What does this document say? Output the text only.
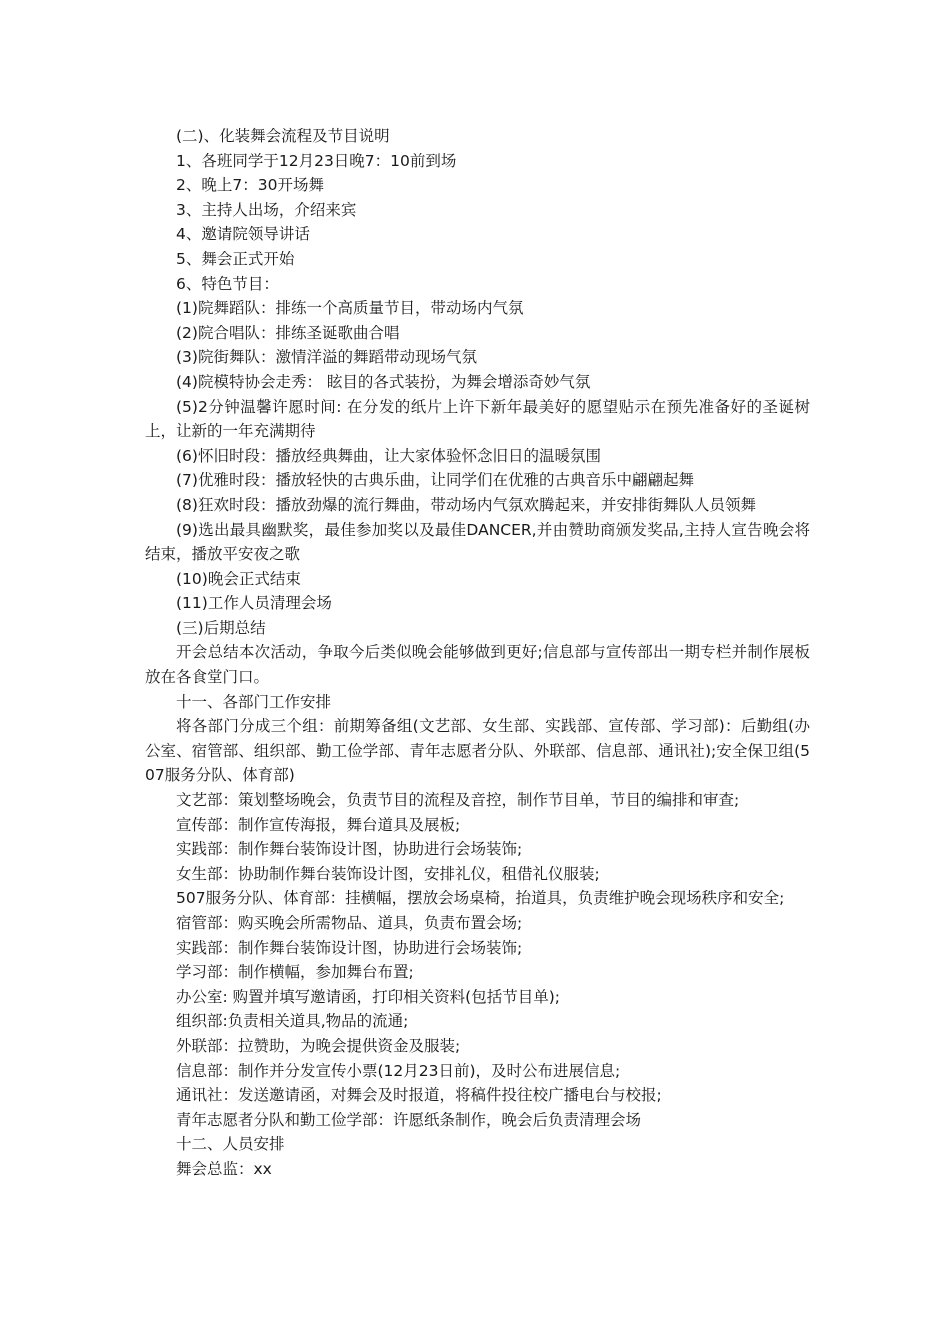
(二)、化装舞会流程及节目说明

1、各班同学于12月23日晚7：10前到场

2、晚上7：30开场舞

3、主持人出场，介绍来宾

4、邀请院领导讲话

5、舞会正式开始

6、特色节目：

(1)院舞蹈队：排练一个高质量节目，带动场内气氛

(2)院合唱队：排练圣诞歌曲合唱

(3)院街舞队：激情洋溢的舞蹈带动现场气氛

(4)院模特协会走秀： 眩目的各式装扮，为舞会增添奇妙气氛

(5)2分钟温馨许愿时间: 在分发的纸片上许下新年最美好的愿望贴示在预先准备好的圣诞树上，让新的一年充满期待

(6)怀旧时段：播放经典舞曲，让大家体验怀念旧日的温暖氛围

(7)优雅时段：播放轻快的古典乐曲，让同学们在优雅的古典音乐中翩翩起舞

(8)狂欢时段：播放劲爆的流行舞曲，带动场内气氛欢腾起来，并安排街舞队人员领舞

(9)选出最具幽默奖，最佳参加奖以及最佳DANCER,并由赞助商颁发奖品,主持人宣告晚会将结束，播放平安夜之歌

(10)晚会正式结束

(11)工作人员清理会场

(三)后期总结

开会总结本次活动，争取今后类似晚会能够做到更好;信息部与宣传部出一期专栏并制作展板放在各食堂门口。

十一、各部门工作安排

将各部门分成三个组：前期筹备组(文艺部、女生部、实践部、宣传部、学习部)：后勤组(办公室、宿管部、组织部、勤工俭学部、青年志愿者分队、外联部、信息部、通讯社);安全保卫组(507服务分队、体育部)

文艺部：策划整场晚会，负责节目的流程及音控，制作节目单，节目的编排和审查;

宣传部：制作宣传海报，舞台道具及展板;

实践部：制作舞台装饰设计图，协助进行会场装饰;

女生部：协助制作舞台装饰设计图，安排礼仪，租借礼仪服装;

507服务分队、体育部：挂横幅，摆放会场桌椅，抬道具，负责维护晚会现场秩序和安全;

宿管部：购买晚会所需物品、道具，负责布置会场;

实践部：制作舞台装饰设计图，协助进行会场装饰;

学习部：制作横幅，参加舞台布置;

办公室: 购置并填写邀请函，打印相关资料(包括节目单);

组织部:负责相关道具,物品的流通;

外联部：拉赞助，为晚会提供资金及服装;

信息部：制作并分发宣传小票(12月23日前)，及时公布进展信息;

通讯社：发送邀请函，对舞会及时报道，将稿件投往校广播电台与校报;

青年志愿者分队和勤工俭学部：许愿纸条制作，晚会后负责清理会场

十二、人员安排

舞会总监：xx
